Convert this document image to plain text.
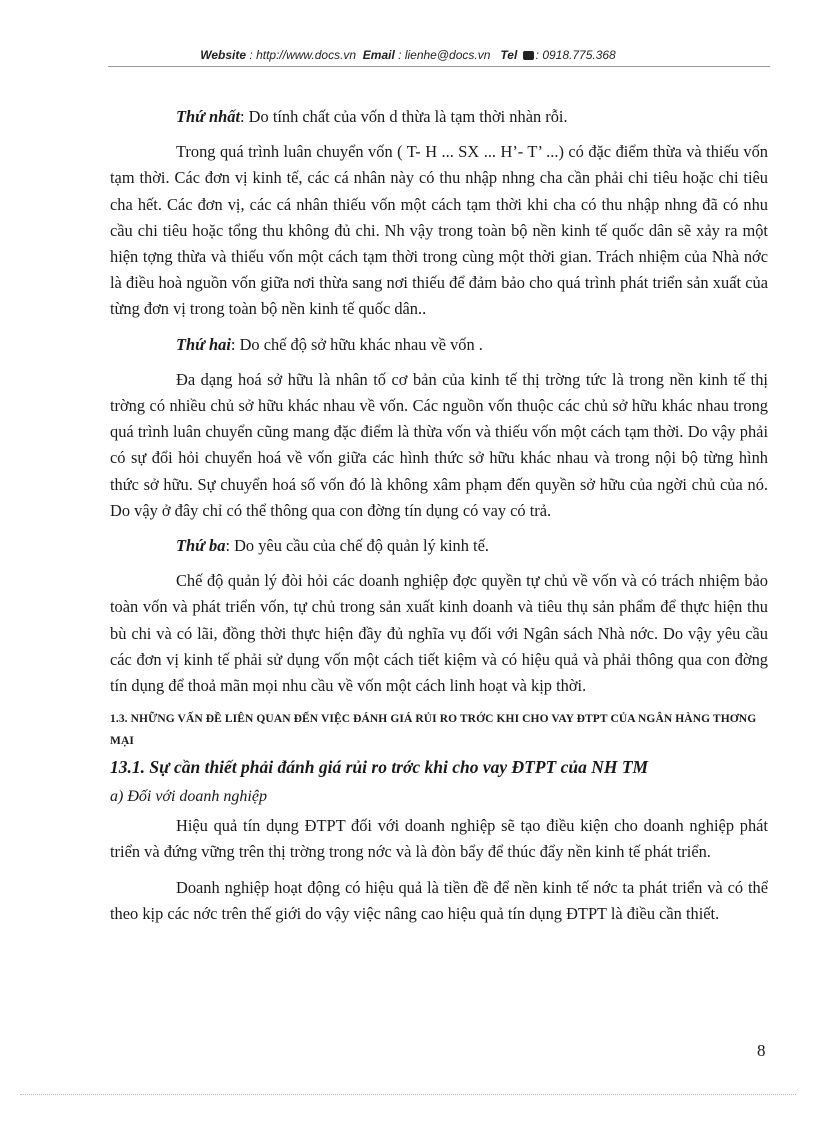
Website : http://www.docs.vn Email : lienhe@docs.vn Tel : 0918.775.368

Thứ nhất: Do tính chất của vốn d thừa là tạm thời nhàn rỗi.

Trong quá trình luân chuyển vốn ( T- H ... SX ... H’- T’ ...) có đặc điểm thừa và thiếu vốn tạm thời. Các đơn vị kinh tế, các cá nhân này có thu nhập nhng cha cần phải chi tiêu hoặc chi tiêu cha hết. Các đơn vị, các cá nhân thiếu vốn một cách tạm thời khi cha có thu nhập nhng đã có nhu cầu chi tiêu hoặc tổng thu không đủ chi. Nh vậy trong toàn bộ nền kinh tế quốc dân sẽ xảy ra một hiện tợng thừa và thiếu vốn một cách tạm thời trong cùng một thời gian. Trách nhiệm của Nhà nớc là điều hoà nguồn vốn giữa nơi thừa sang nơi thiếu để đảm bảo cho quá trình phát triển sản xuất của từng đơn vị trong toàn bộ nền kinh tế quốc dân..

Thứ hai: Do chế độ sở hữu khác nhau về vốn .

Đa dạng hoá sở hữu là nhân tố cơ bản của kinh tế thị trờng tức là trong nền kinh tế thị trờng có nhiều chủ sở hữu khác nhau về vốn. Các nguồn vốn thuộc các chủ sở hữu khác nhau trong quá trình luân chuyển cũng mang đặc điểm là thừa vốn và thiếu vốn một cách tạm thời. Do vậy phải có sự đổi hỏi chuyển hoá về vốn giữa các hình thức sở hữu khác nhau và trong nội bộ từng hình thức sở hữu. Sự chuyển hoá số vốn đó là không xâm phạm đến quyền sở hữu của ngời chủ của nó. Do vậy ở đây chỉ có thể thông qua con đờng tín dụng có vay có trả.

Thứ ba: Do yêu cầu của chế độ quản lý kinh tế.

Chế độ quản lý đòi hỏi các doanh nghiệp đợc quyền tự chủ về vốn và có trách nhiệm bảo toàn vốn và phát triển vốn, tự chủ trong sản xuất kinh doanh và tiêu thụ sản phẩm để thực hiện thu bù chi và có lãi, đồng thời thực hiện đầy đủ nghĩa vụ đối với Ngân sách Nhà nớc. Do vậy yêu cầu các đơn vị kinh tế phải sử dụng vốn một cách tiết kiệm và có hiệu quả và phải thông qua con đờng tín dụng để thoả mãn mọi nhu cầu về vốn một cách linh hoạt và kịp thời.

1.3. NHỮNG VẤN ĐỀ LIÊN QUAN ĐẾN VIỆC ĐÁNH GIÁ RỦI RO TRỚC KHI CHO VAY ĐTPT CỦA NGÂN HÀNG THƠNG MẠI
13.1. Sự cần thiết phải đánh giá rủi ro trớc khi cho vay ĐTPT của NH TM
a) Đối với doanh nghiệp

Hiệu quả tín dụng ĐTPT đối với doanh nghiệp sẽ tạo điều kiện cho doanh nghiệp phát triển và đứng vững trên thị trờng trong nớc và là đòn bẩy để thúc đẩy nền kinh tế phát triển.

Doanh nghiệp hoạt động có hiệu quả là tiền đề để nền kinh tế nớc ta phát triển và có thể theo kịp các nớc trên thế giới do vậy việc nâng cao hiệu quả tín dụng ĐTPT là điều cần thiết.

8
